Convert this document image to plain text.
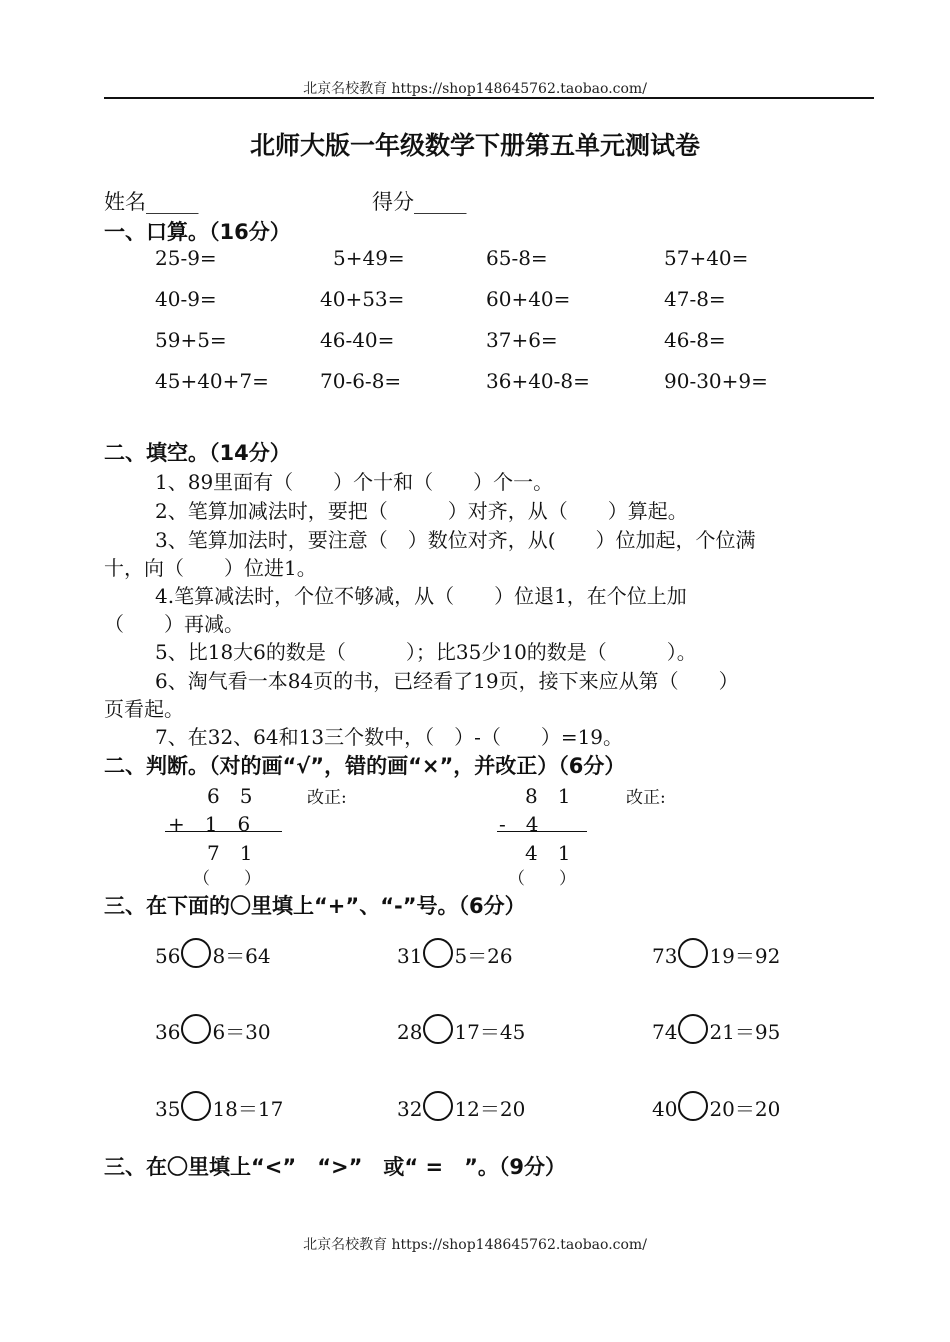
北京名校教育 https://shop148645762.taobao.com/
北师大版一年级数学下册第五单元测试卷
姓名_____	得分_____
一、口算。（16分）
25-9=	5+49=	65-8=	57+40=
40-9=	40+53=	60+40=	47-8=
59+5=	46-40=	37+6=	46-8=
45+40+7=	70-6-8=	36+40-8=	90-30+9=
二、填空。（14分）
1、89里面有（　　）个十和（　　）个一。
2、笔算加减法时，要把（　　　）对齐，从（　　）算起。
3、笔算加法时，要注意（　）数位对齐，从(　　）位加起，个位满
十，向（　　）位进1。
4.笔算减法时，个位不够减，从（　　）位退1，在个位上加
（　　）再减。
5、比18大6的数是（　　　）；比35少10的数是（　　　）。
6、淘气看一本84页的书，已经看了19页，接下来应从第（　　）
页看起。
7、在32、64和13三个数中，（　）-（　　）=19。
二、判断。（对的画“√”，错的画“×”，并改正）（6分）
6　5	改正:
+　1　6
7　1
（　　）
8　1	改正:
-　4
4　1
（　　）
三、在下面的〇里填上“+”、“-”号。（6分）
56 8＝64	31 5＝26	73 19＝92
36 6＝30	28 17＝45	74 21＝95
35 18＝17	32 12＝20	40 20＝20
三、在〇里填上“<”　“>”　或“ =　”。（9分）
北京名校教育 https://shop148645762.taobao.com/
